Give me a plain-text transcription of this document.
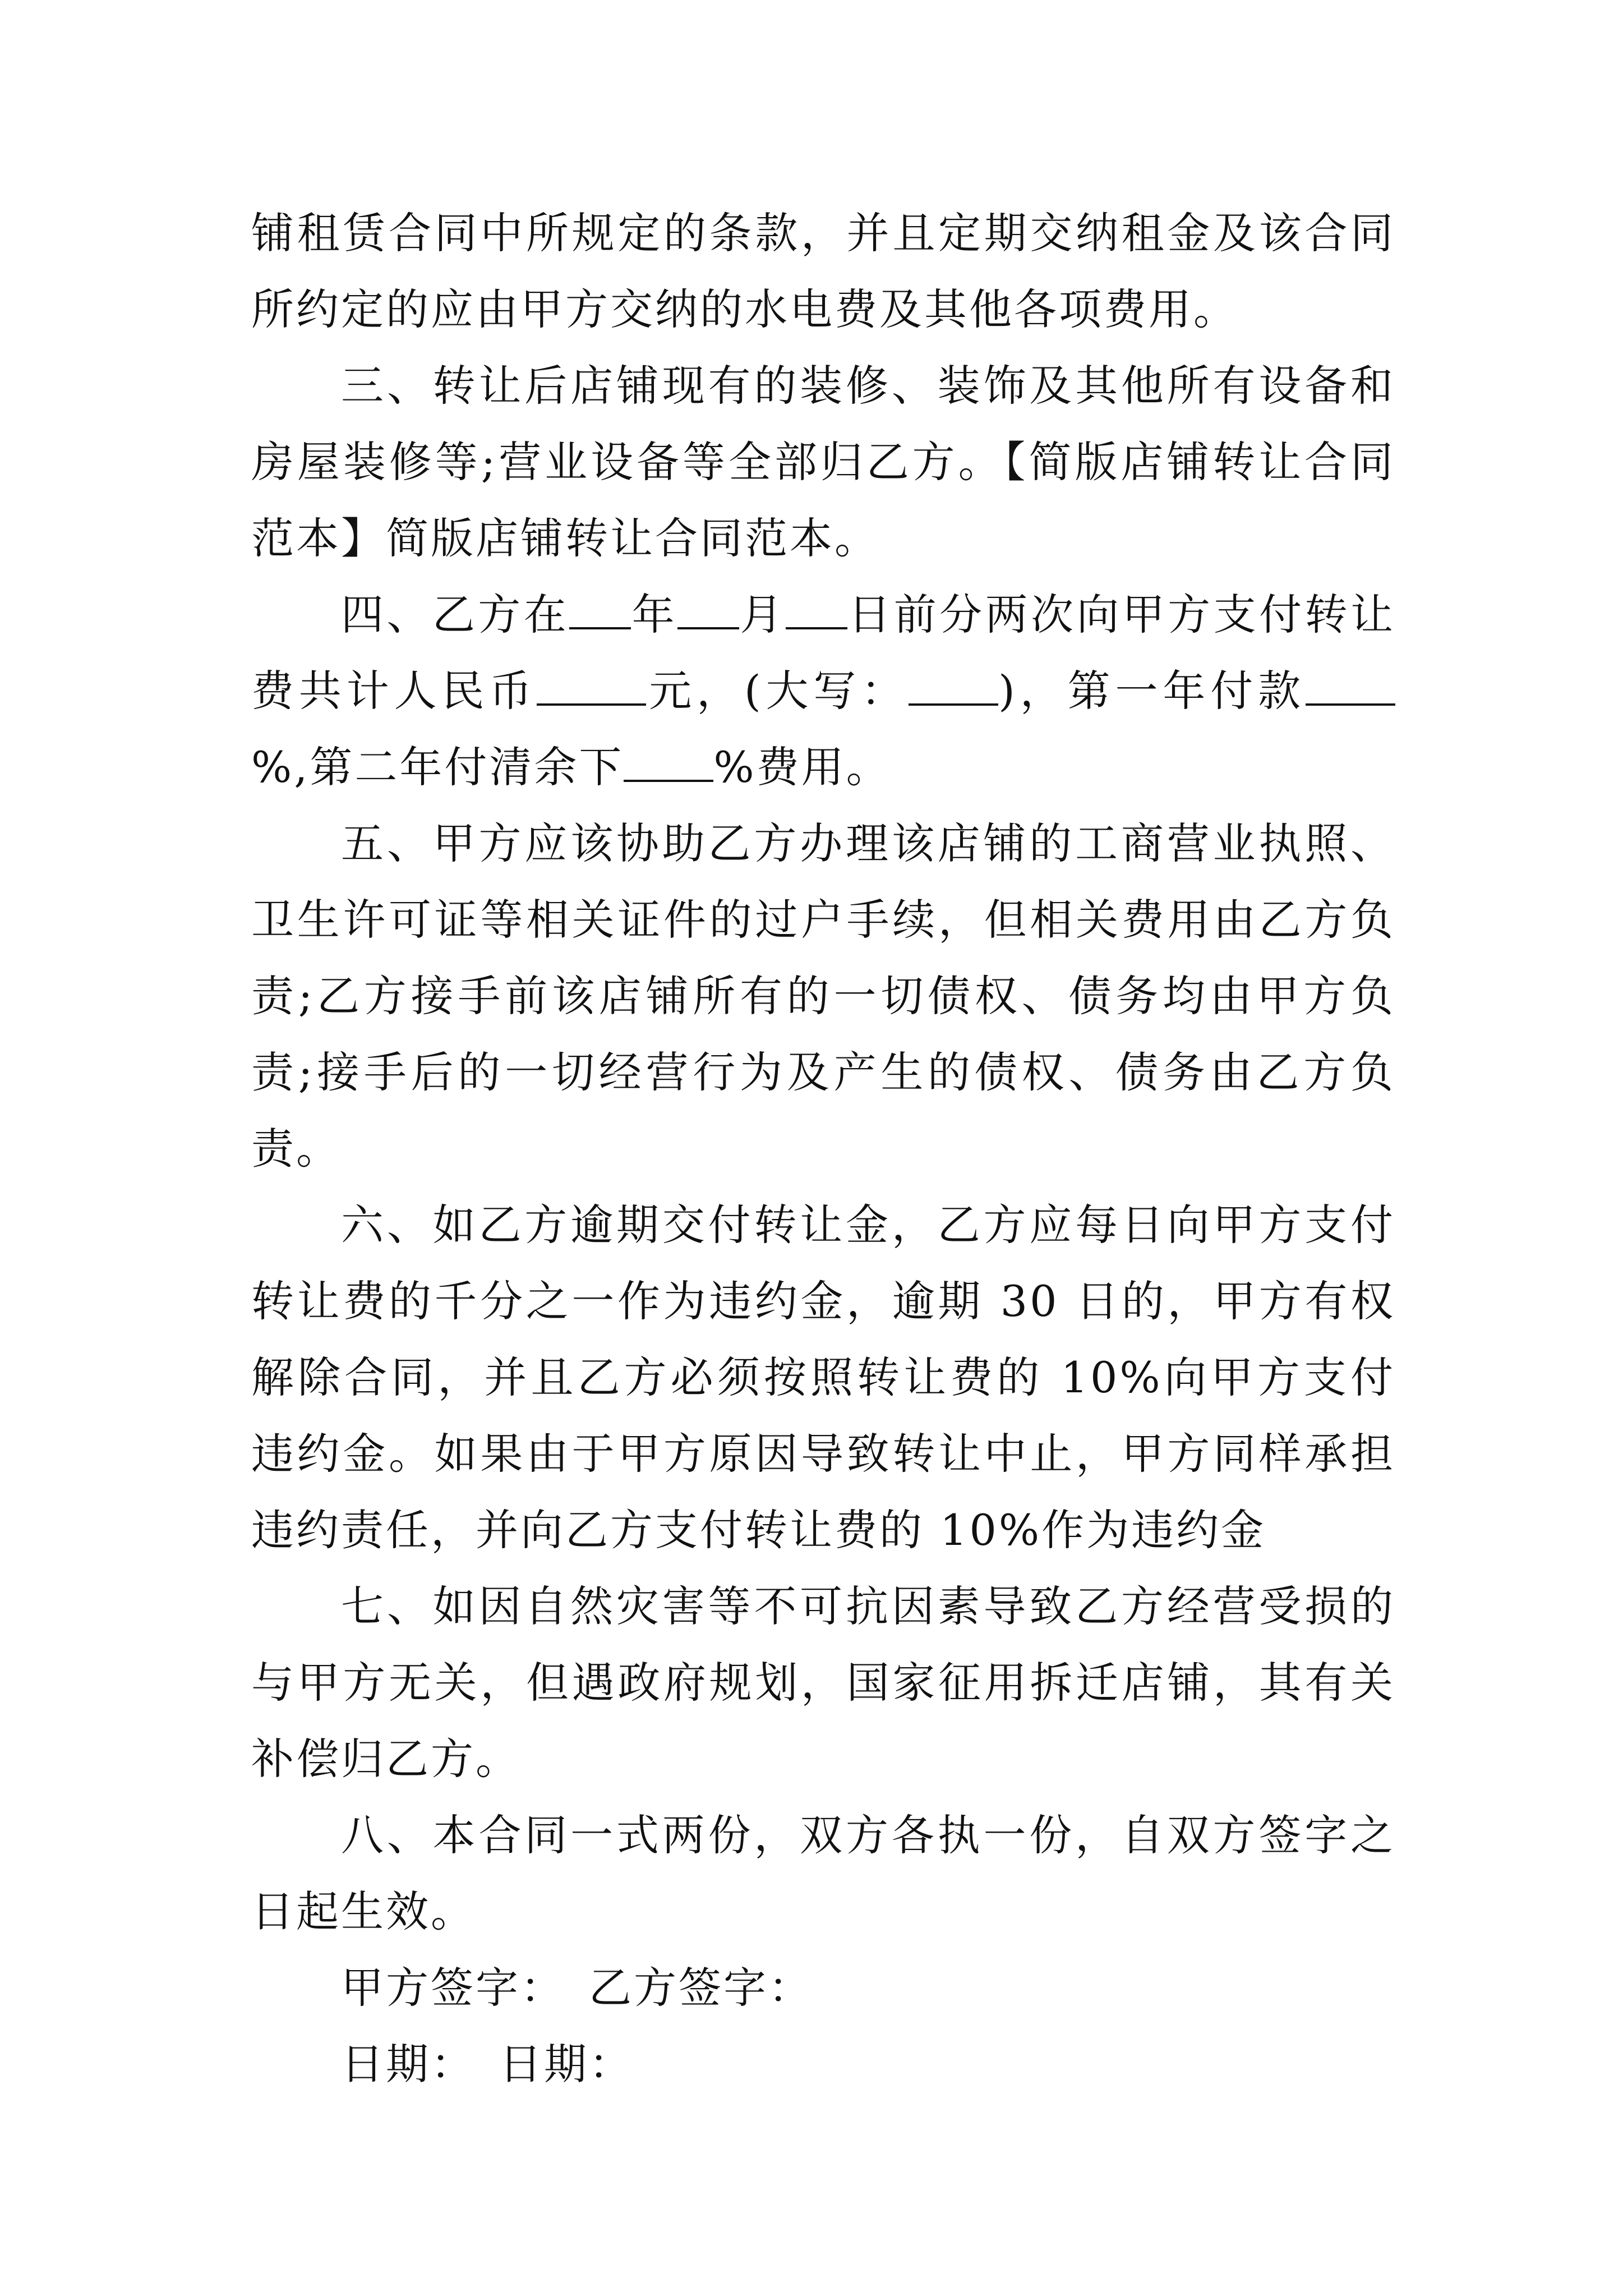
铺租赁合同中所规定的条款，并且定期交纳租金及该合同所约定的应由甲方交纳的水电费及其他各项费用。

三、转让后店铺现有的装修、装饰及其他所有设备和房屋装修等;营业设备等全部归乙方。【简版店铺转让合同范本】简版店铺转让合同范本。

四、乙方在 年 月 日前分两次向甲方支付转让费共计人民币	元，(大写： )，第一年付款%,第二年付清余下 %费用。

五、甲方应该协助乙方办理该店铺的工商营业执照、卫生许可证等相关证件的过户手续，但相关费用由乙方负责;乙方接手前该店铺所有的一切债权、债务均由甲方负责;接手后的一切经营行为及产生的债权、债务由乙方负责。

六、如乙方逾期交付转让金，乙方应每日向甲方支付转让费的千分之一作为违约金，逾期 30 日的，甲方有权解除合同，并且乙方必须按照转让费的 10%向甲方支付违约金。如果由于甲方原因导致转让中止，甲方同样承担违约责任，并向乙方支付转让费的 10%作为违约金

七、如因自然灾害等不可抗因素导致乙方经营受损的与甲方无关，但遇政府规划，国家征用拆迁店铺，其有关补偿归乙方。

八、本合同一式两份，双方各执一份，自双方签字之日起生效。

甲方签字：　乙方签字：

日期：　日期：
